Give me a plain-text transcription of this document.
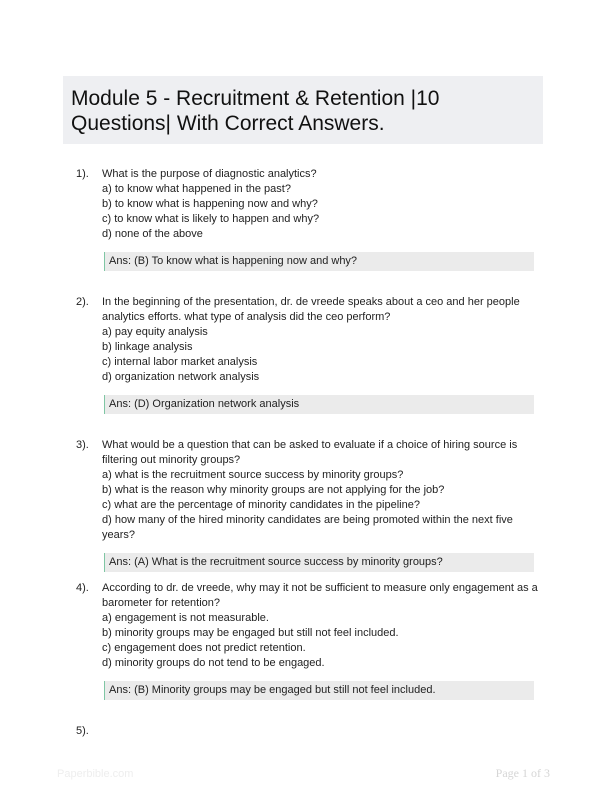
Module 5 - Recruitment & Retention |10 Questions| With Correct Answers.
1). What is the purpose of diagnostic analytics?
a) to know what happened in the past?
b) to know what is happening now and why?
c) to know what is likely to happen and why?
d) none of the above
Ans: (B) To know what is happening now and why?
2). In the beginning of the presentation, dr. de vreede speaks about a ceo and her people analytics efforts. what type of analysis did the ceo perform?
a) pay equity analysis
b) linkage analysis
c) internal labor market analysis
d) organization network analysis
Ans: (D) Organization network analysis
3). What would be a question that can be asked to evaluate if a choice of hiring source is filtering out minority groups?
a) what is the recruitment source success by minority groups?
b) what is the reason why minority groups are not applying for the job?
c) what are the percentage of minority candidates in the pipeline?
d) how many of the hired minority candidates are being promoted within the next five years?
Ans: (A) What is the recruitment source success by minority groups?
4). According to dr. de vreede, why may it not be sufficient to measure only engagement as a barometer for retention?
a) engagement is not measurable.
b) minority groups may be engaged but still not feel included.
c) engagement does not predict retention.
d) minority groups do not tend to be engaged.
Ans: (B) Minority groups may be engaged but still not feel included.
5).
Paperbible.com	Page 1 of 3
